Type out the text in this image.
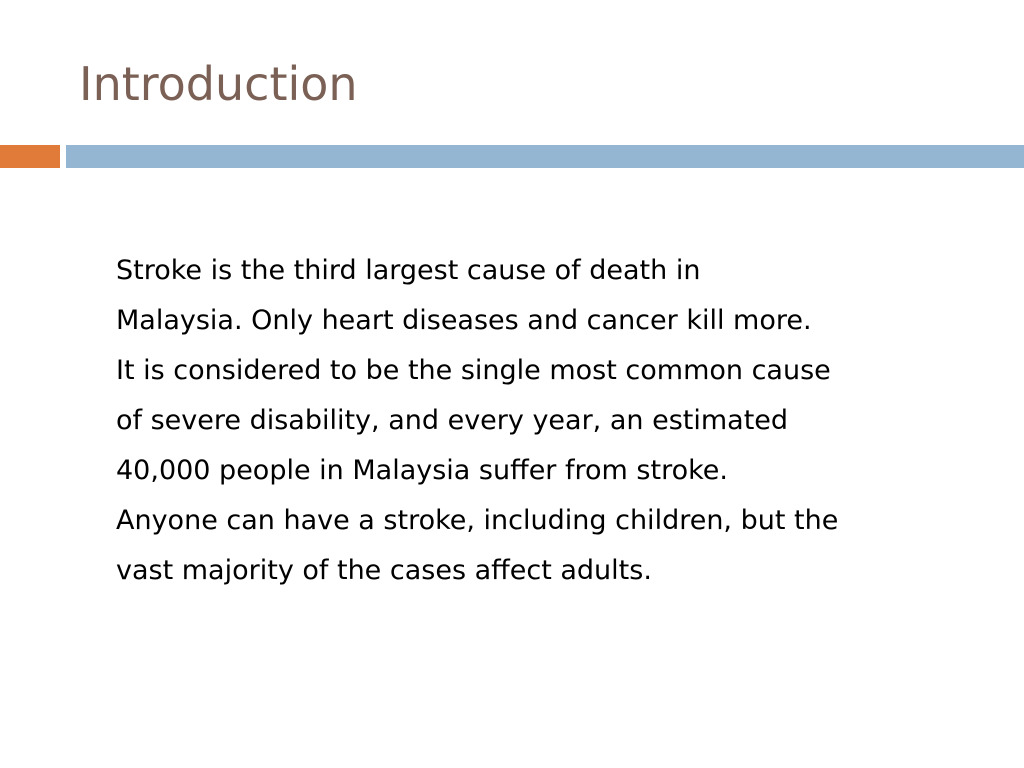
Introduction

Stroke is the third largest cause of death in
Malaysia. Only heart diseases and cancer kill more.
It is considered to be the single most common cause
of severe disability, and every year, an estimated
40,000 people in Malaysia suffer from stroke.
Anyone can have a stroke, including children, but the
vast majority of the cases affect adults.
